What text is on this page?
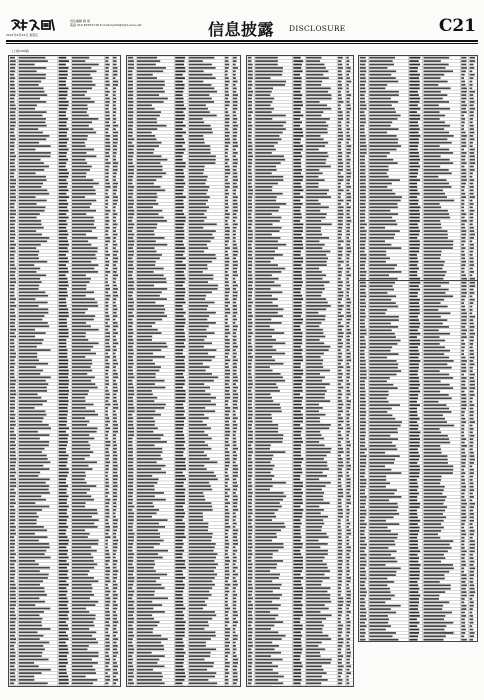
責任編輯 韓 梁
電話 010-83251716 E-mail:zqrb9@zqrb.sina.net
2021年6月25日 星期五	信息披露 DISCLOSURE	C21
(上接C20版)
(下转C22版)
